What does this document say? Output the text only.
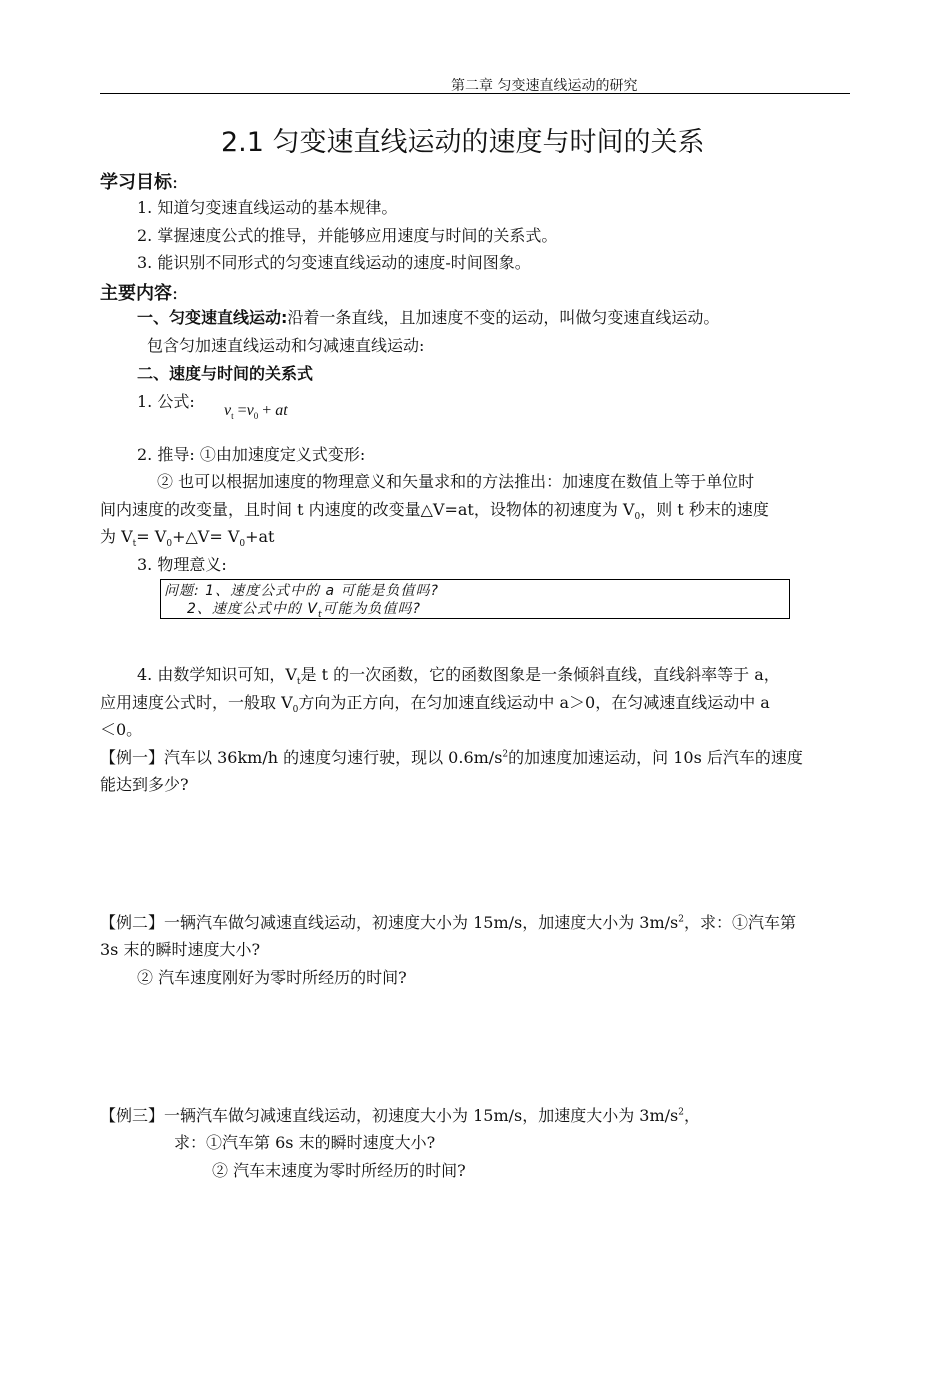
第二章 匀变速直线运动的研究
2.1 匀变速直线运动的速度与时间的关系
学习目标:
1. 知道匀变速直线运动的基本规律。
2. 掌握速度公式的推导，并能够应用速度与时间的关系式。
3. 能识别不同形式的匀变速直线运动的速度-时间图象。
主要内容:
一、匀变速直线运动:沿着一条直线，且加速度不变的运动，叫做匀变速直线运动。
包含匀加速直线运动和匀减速直线运动:
二、速度与时间的关系式
1. 公式: $v_t =v_0$ + at
2. 推导: ①由加速度定义式变形:
② 也可以根据加速度的物理意义和矢量求和的方法推出：加速度在数值上等于单位时
间内速度的改变量，且时间 t 内速度的改变量△V=at，设物体的初速度为 $V_0$，则 t 秒末的速度
为 $V_t=$ $V_0+\triangle V= V_0+at$
3. 物理意义:
问题: 1、速度公式中的 a 可能是负值吗?
2、速度公式中的 $V_t$可能为负值吗?
4. 由数学知识可知，$V_t$是 t 的一次函数，它的函数图象是一条倾斜直线，直线斜率等于 a，
应用速度公式时，一般取 $V_0$方向为正方向，在匀加速直线运动中 a＞0，在匀减速直线运动中 a
＜0。
【例一】汽车以 36km/h 的速度匀速行驶，现以 $0.6m/s^2$的加速度加速运动，问 10s 后汽车的速度
能达到多少?
【例二】一辆汽车做匀减速直线运动，初速度大小为 15m/s，加速度大小为 $3m/s^2$，求：①汽车第
3s 末的瞬时速度大小?
② 汽车速度刚好为零时所经历的时间?
【例三】一辆汽车做匀减速直线运动，初速度大小为 15m/s，加速度大小为 $3m/s^2$，
求：①汽车第 6s 末的瞬时速度大小?
② 汽车末速度为零时所经历的时间?
